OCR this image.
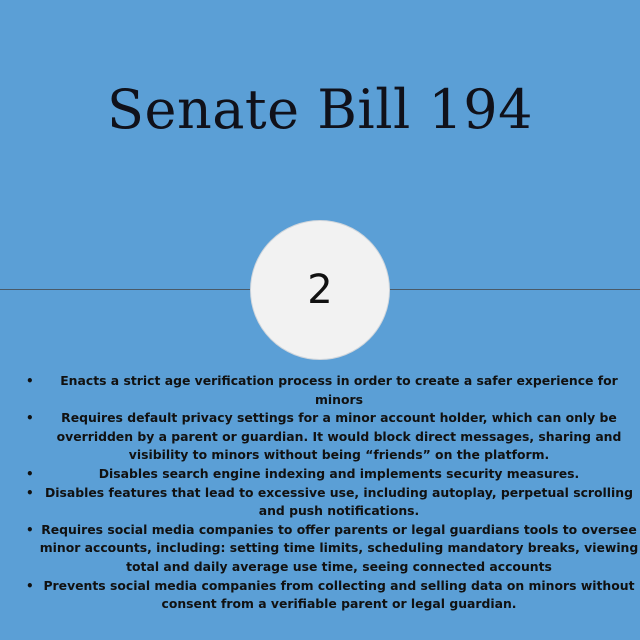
Senate Bill 194
2
• Enacts a strict age verification process in order to create a safer experience for minors
• Requires default privacy settings for a minor account holder, which can only be overridden by a parent or guardian. It would block direct messages, sharing and visibility to minors without being “friends” on the platform.
• Disables search engine indexing and implements security measures.
• Disables features that lead to excessive use, including autoplay, perpetual scrolling and push notifications.
• Requires social media companies to offer parents or legal guardians tools to oversee minor accounts, including: setting time limits, scheduling mandatory breaks, viewing total and daily average use time, seeing connected accounts
• Prevents social media companies from collecting and selling data on minors without consent from a verifiable parent or legal guardian.
